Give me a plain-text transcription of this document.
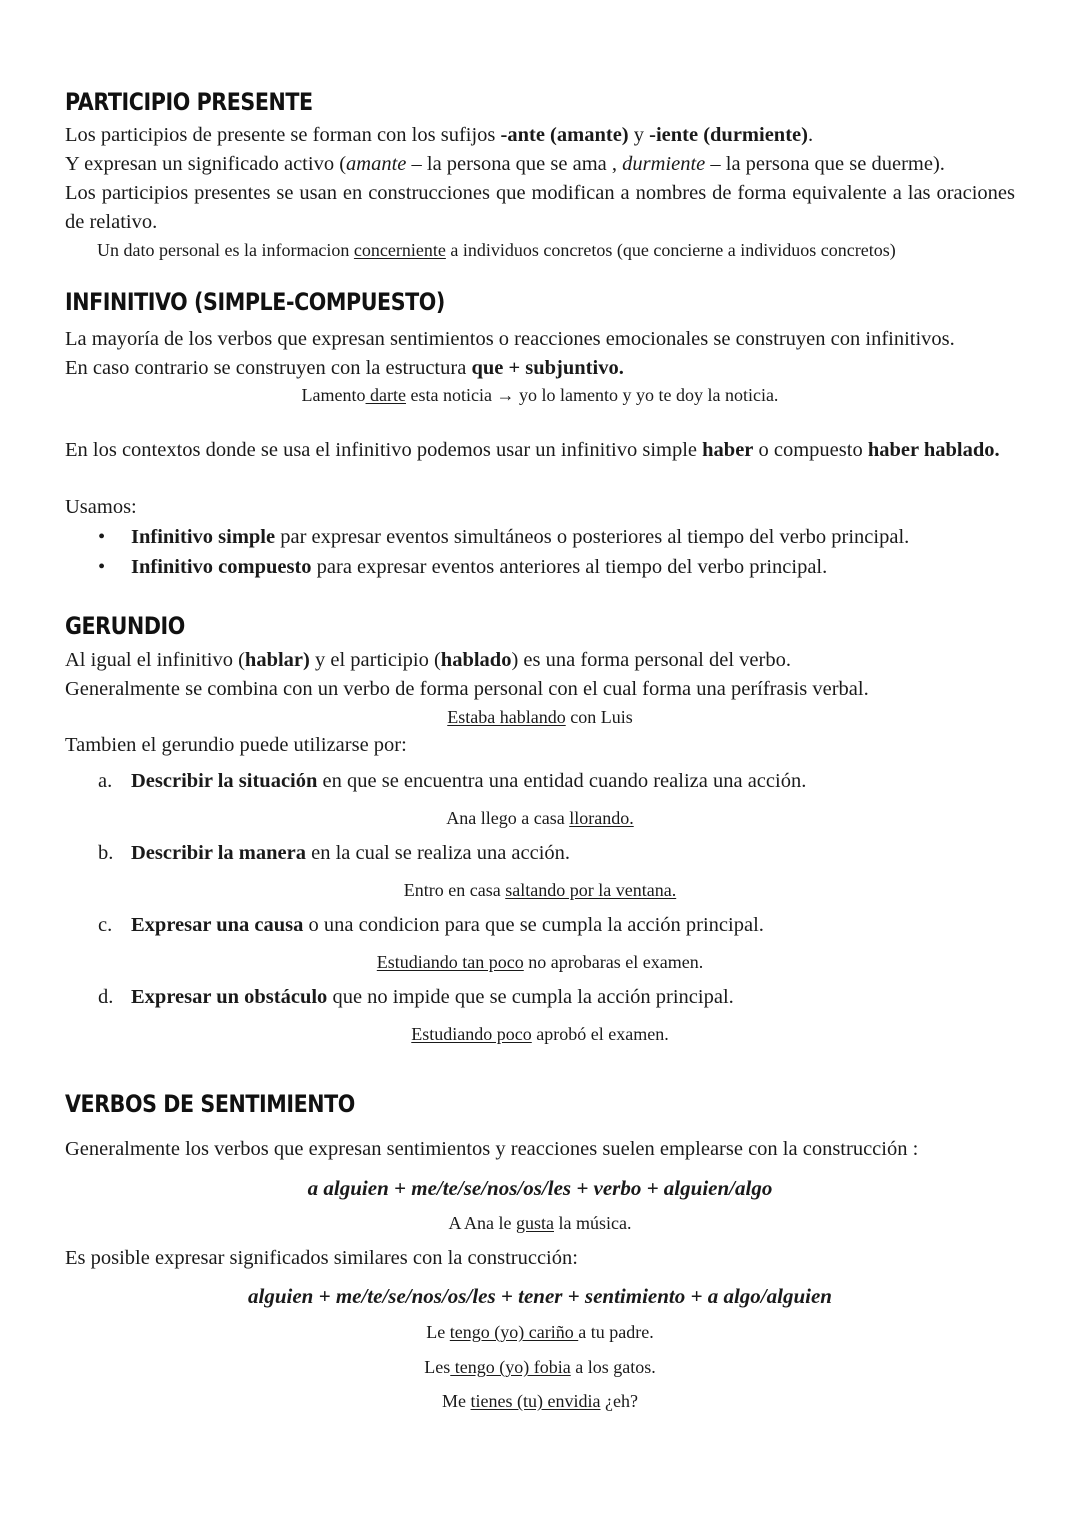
PARTICIPIO PRESENTE

Los participios de presente se forman con los sufijos -ante (amante) y -iente (durmiente).

Y expresan un significado activo (amante – la persona que se ama , durmiente – la persona que se duerme).

Los participios presentes se usan en construcciones que modifican a nombres de forma equivalente a las oraciones de relativo.

Un dato personal es la informacion concerniente a individuos concretos (que concierne a individuos concretos)
INFINITIVO (SIMPLE-COMPUESTO)

La mayoría de los verbos que expresan sentimientos o reacciones emocionales se construyen con infinitivos.

En caso contrario se construyen con la estructura que + subjuntivo.

Lamento darte esta noticia → yo lo lamento y yo te doy la noticia.

En los contextos donde se usa el infinitivo podemos usar un infinitivo simple haber o compuesto haber hablado.

Usamos:

•	Infinitivo simple par expresar eventos simultáneos o posteriores al tiempo del verbo principal.
•	Infinitivo compuesto para expresar eventos anteriores al tiempo del verbo principal.
GERUNDIO

Al igual el infinitivo (hablar) y el participio (hablado) es una forma personal del verbo.

Generalmente se combina con un verbo de forma personal con el cual forma una perífrasis verbal.

Estaba hablando con Luis

Tambien el gerundio puede utilizarse por:

a. Describir la situación en que se encuentra una entidad cuando realiza una acción.
Ana llego a casa llorando.
b. Describir la manera en la cual se realiza una acción.
Entro en casa saltando por la ventana.
c. Expresar una causa o una condicion para que se cumpla la acción principal.
Estudiando tan poco no aprobaras el examen.
d. Expresar un obstáculo que no impide que se cumpla la acción principal.
Estudiando poco aprobó el examen.
VERBOS DE SENTIMIENTO

Generalmente los verbos que expresan sentimientos y reacciones suelen emplearse con la construcción :

a alguien + me/te/se/nos/os/les + verbo + alguien/algo
A Ana le gusta la música.

Es posible expresar significados similares con la construcción:

alguien + me/te/se/nos/os/les + tener + sentimiento + a algo/alguien
Le tengo (yo) cariño a tu padre.
Les tengo (yo) fobia a los gatos.
Me tienes (tu) envidia ¿eh?
